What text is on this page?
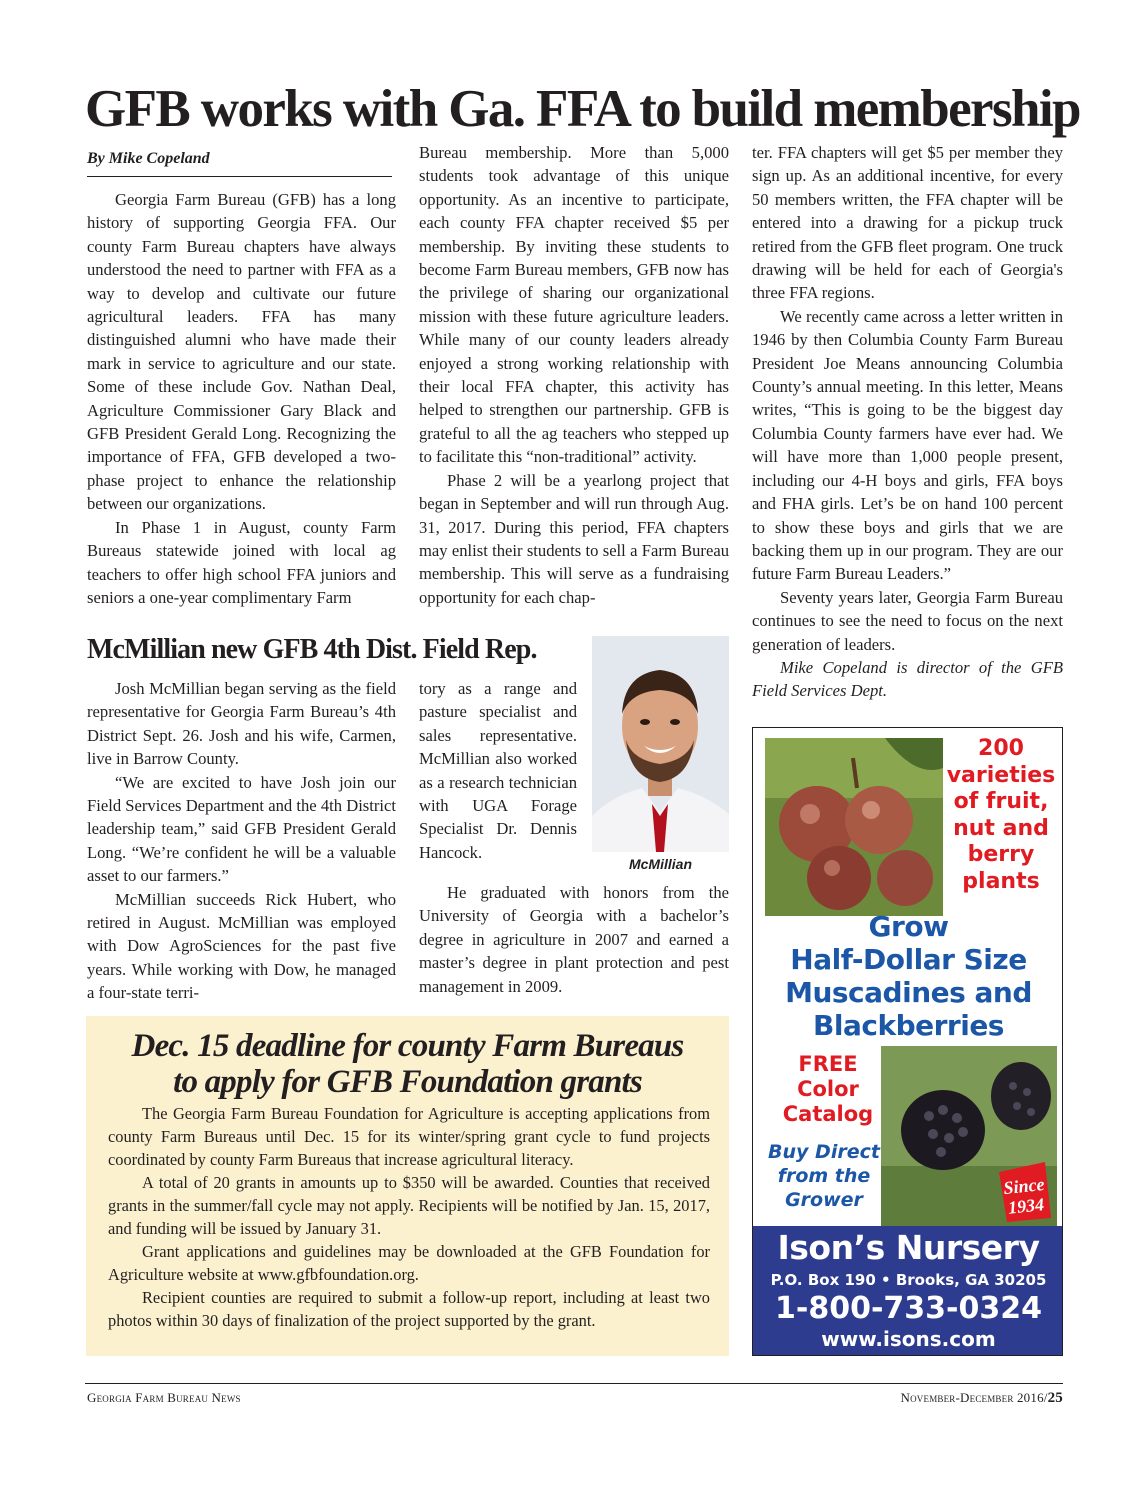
GFB works with Ga. FFA to build membership
By Mike Copeland

Georgia Farm Bureau (GFB) has a long history of supporting Georgia FFA. Our county Farm Bureau chapters have always understood the need to partner with FFA as a way to develop and cultivate our future agricultural leaders. FFA has many distinguished alumni who have made their mark in service to agriculture and our state. Some of these include Gov. Nathan Deal, Agriculture Commissioner Gary Black and GFB President Gerald Long. Recognizing the importance of FFA, GFB developed a two-phase project to enhance the relationship between our organizations.

In Phase 1 in August, county Farm Bureaus statewide joined with local ag teachers to offer high school FFA juniors and seniors a one-year complimentary Farm

Bureau membership. More than 5,000 students took advantage of this unique opportunity. As an incentive to participate, each county FFA chapter received $5 per membership. By inviting these students to become Farm Bureau members, GFB now has the privilege of sharing our organizational mission with these future agriculture leaders. While many of our county leaders already enjoyed a strong working relationship with their local FFA chapter, this activity has helped to strengthen our partnership. GFB is grateful to all the ag teachers who stepped up to facilitate this “non-traditional” activity.

Phase 2 will be a yearlong project that began in September and will run through Aug. 31, 2017. During this period, FFA chapters may enlist their students to sell a Farm Bureau membership. This will serve as a fundraising opportunity for each chap-

ter. FFA chapters will get $5 per member they sign up. As an additional incentive, for every 50 members written, the FFA chapter will be entered into a drawing for a pickup truck retired from the GFB fleet program. One truck drawing will be held for each of Georgia's three FFA regions.

We recently came across a letter written in 1946 by then Columbia County Farm Bureau President Joe Means announcing Columbia County’s annual meeting. In this letter, Means writes, “This is going to be the biggest day Columbia County farmers have ever had. We will have more than 1,000 people present, including our 4-H boys and girls, FFA boys and FHA girls. Let’s be on hand 100 percent to show these boys and girls that we are backing them up in our program. They are our future Farm Bureau Leaders.”

Seventy years later, Georgia Farm Bureau continues to see the need to focus on the next generation of leaders.

Mike Copeland is director of the GFB Field Services Dept.

McMillian new GFB 4th Dist. Field Rep.

Josh McMillian began serving as the field representative for Georgia Farm Bureau’s 4th District Sept. 26. Josh and his wife, Carmen, live in Barrow County.

“We are excited to have Josh join our Field Services Department and the 4th District leadership team,” said GFB President Gerald Long. “We’re confident he will be a valuable asset to our farmers.”

McMillian succeeds Rick Hubert, who retired in August. McMillian was employed with Dow AgroSciences for the past five years. While working with Dow, he managed a four-state terri-

tory as a range and pasture specialist and sales representative. McMillian also worked as a research technician with UGA Forage Specialist Dr. Dennis Hancock.

He graduated with honors from the University of Georgia with a bachelor’s degree in agriculture in 2007 and earned a master’s degree in plant protection and pest management in 2009.

McMillian
Dec. 15 deadline for county Farm Bureaus
to apply for GFB Foundation grants

The Georgia Farm Bureau Foundation for Agriculture is accepting applications from county Farm Bureaus until Dec. 15 for its winter/spring grant cycle to fund projects coordinated by county Farm Bureaus that increase agricultural literacy.

A total of 20 grants in amounts up to $350 will be awarded. Counties that received grants in the summer/fall cycle may not apply. Recipients will be notified by Jan. 15, 2017, and funding will be issued by January 31.

Grant applications and guidelines may be downloaded at the GFB Foundation for Agriculture website at www.gfbfoundation.org.

Recipient counties are required to submit a follow-up report, including at least two photos within 30 days of finalization of the project supported by the grant.

200
varieties
of fruit,
nut and
berry
plants
Grow
Half-Dollar Size
Muscadines and
Blackberries
FREE
Color
Catalog
Buy Direct
from the
Grower
Since
1934
Ison’s Nursery
P.O. Box 190 • Brooks, GA 30205
1-800-733-0324
www.isons.com
Georgia Farm Bureau News	November-December 2016/25
